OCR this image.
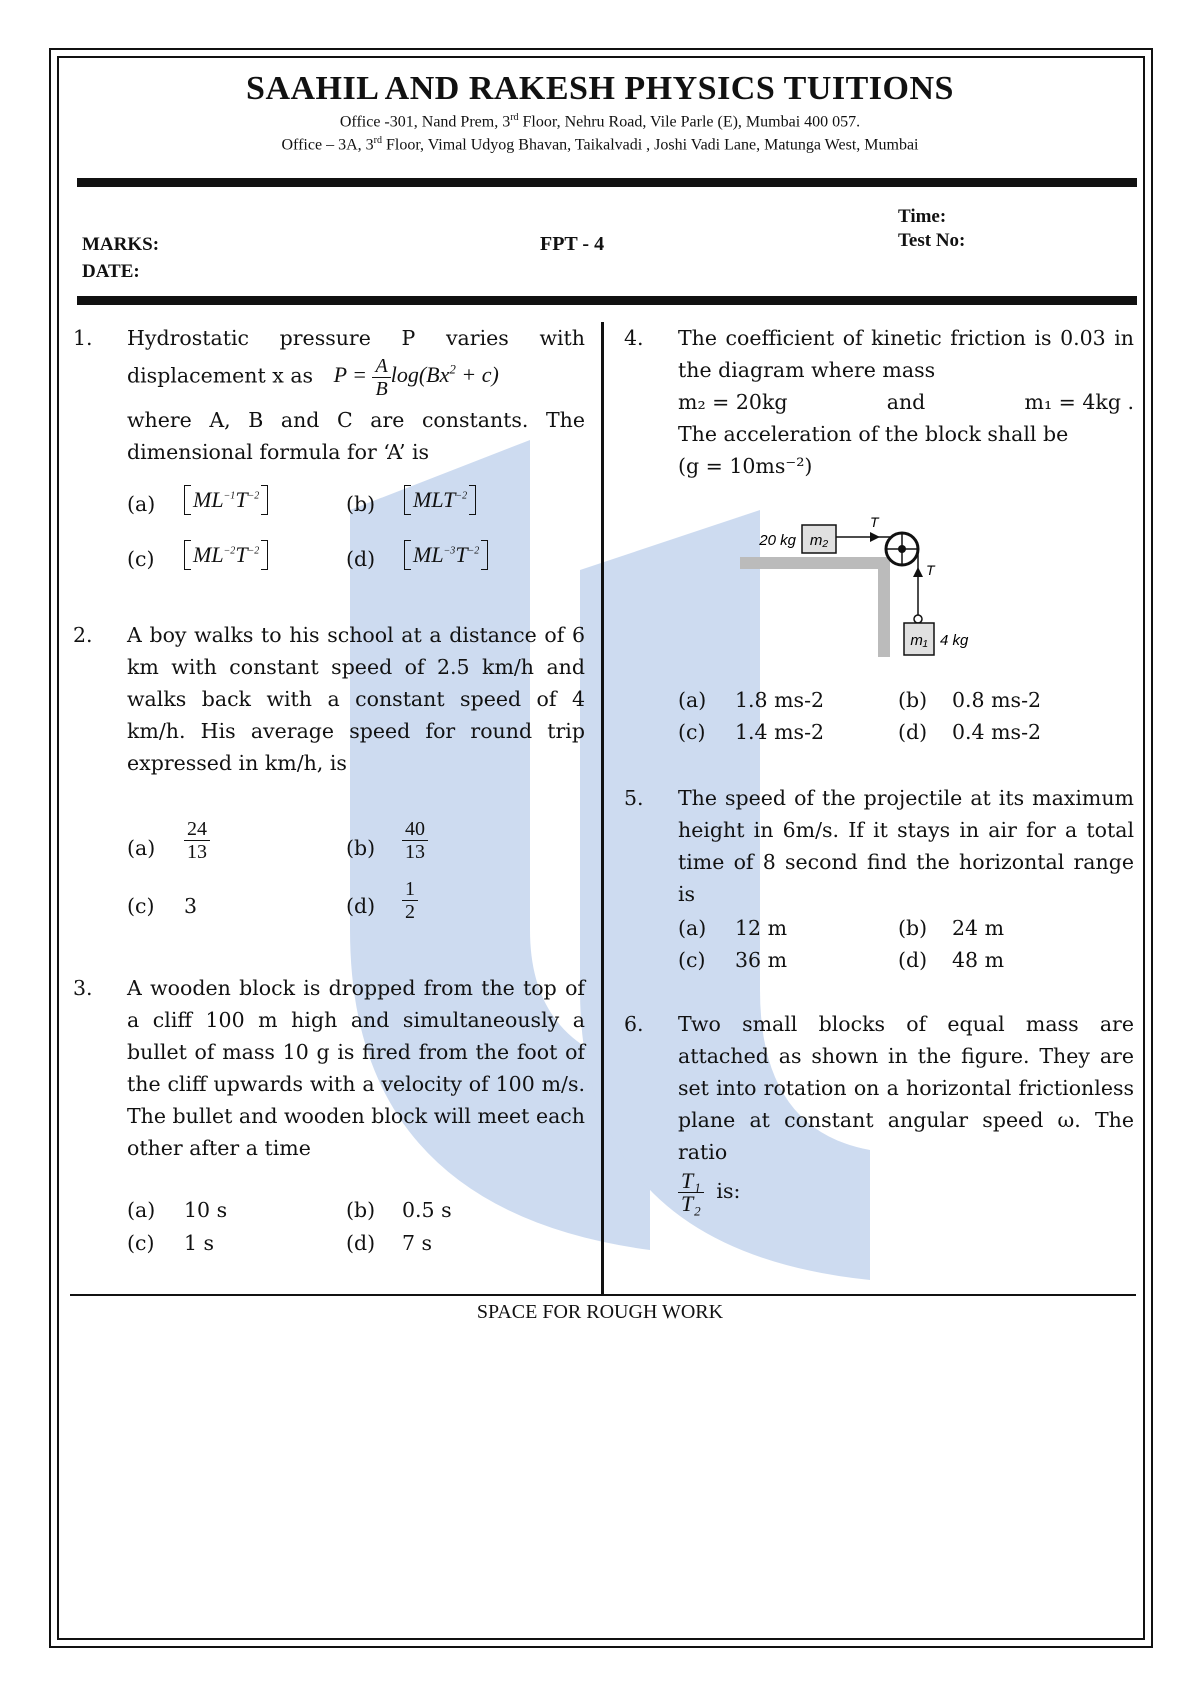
SAAHIL AND RAKESH PHYSICS TUITIONS
Office -301, Nand Prem, 3rd Floor, Nehru Road, Vile Parle (E), Mumbai 400 057.
Office – 3A, 3rd Floor, Vimal Udyog Bhavan, Taikalvadi , Joshi Vadi Lane, Matunga West, Mumbai
Time:
Test No:
MARKS:	FPT - 4
DATE:
1. Hydrostatic pressure P varies with displacement x as $P = \frac{A}{B} \log(Bx^2 + c)$
where A, B and C are constants. The dimensional formula for ‘A’ is
(a)	$ML^{-1}T^{-2}$	(b)	$MLT^{-2}$
(c)	$ML^{-2}T^{-2}$	(d)	$ML^{-3}T^{-2}$
2. A boy walks to his school at a distance of 6 km with constant speed of 2.5 km/h and walks back with a constant speed of 4 km/h. His average speed for round trip expressed in km/h, is
$(a) \frac{24}{13}$	$(b) \frac{40}{13}$
(c) 3	$(d) \frac{1}{2}$
3. A wooden block is dropped from the top of a cliff 100 m high and simultaneously a bullet of mass 10 g is fired from the foot of the cliff upwards with a velocity of 100 m/s. The bullet and wooden block will meet each other after a time
(a) 10 s	(b) 0.5 s
(c) 1 s	(d) 7 s
4. The coefficient of kinetic friction is 0.03 in the diagram where mass
m₂ = 20kg	and	m₁ = 4kg .
The acceleration of the block shall be
(g = 10ms⁻²)
m₂
20 kg
T
T
m₁ 4 kg
(a) 1.8 ms-2	(b) 0.8 ms-2
(c) 1.4 ms-2	(d) 0.4 ms-2
5. The speed of the projectile at its maximum height in 6m/s. If it stays in air for a total time of 8 second find the horizontal range is
(a) 12 m	(b) 24 m
(c) 36 m	(d) 48 m
6. Two small blocks of equal mass are attached as shown in the figure. They are set into rotation on a horizontal frictionless plane at constant angular speed ω. The ratio
$\frac{\text{T₁}}{\text{T₂}}$ is:
SPACE FOR ROUGH WORK
